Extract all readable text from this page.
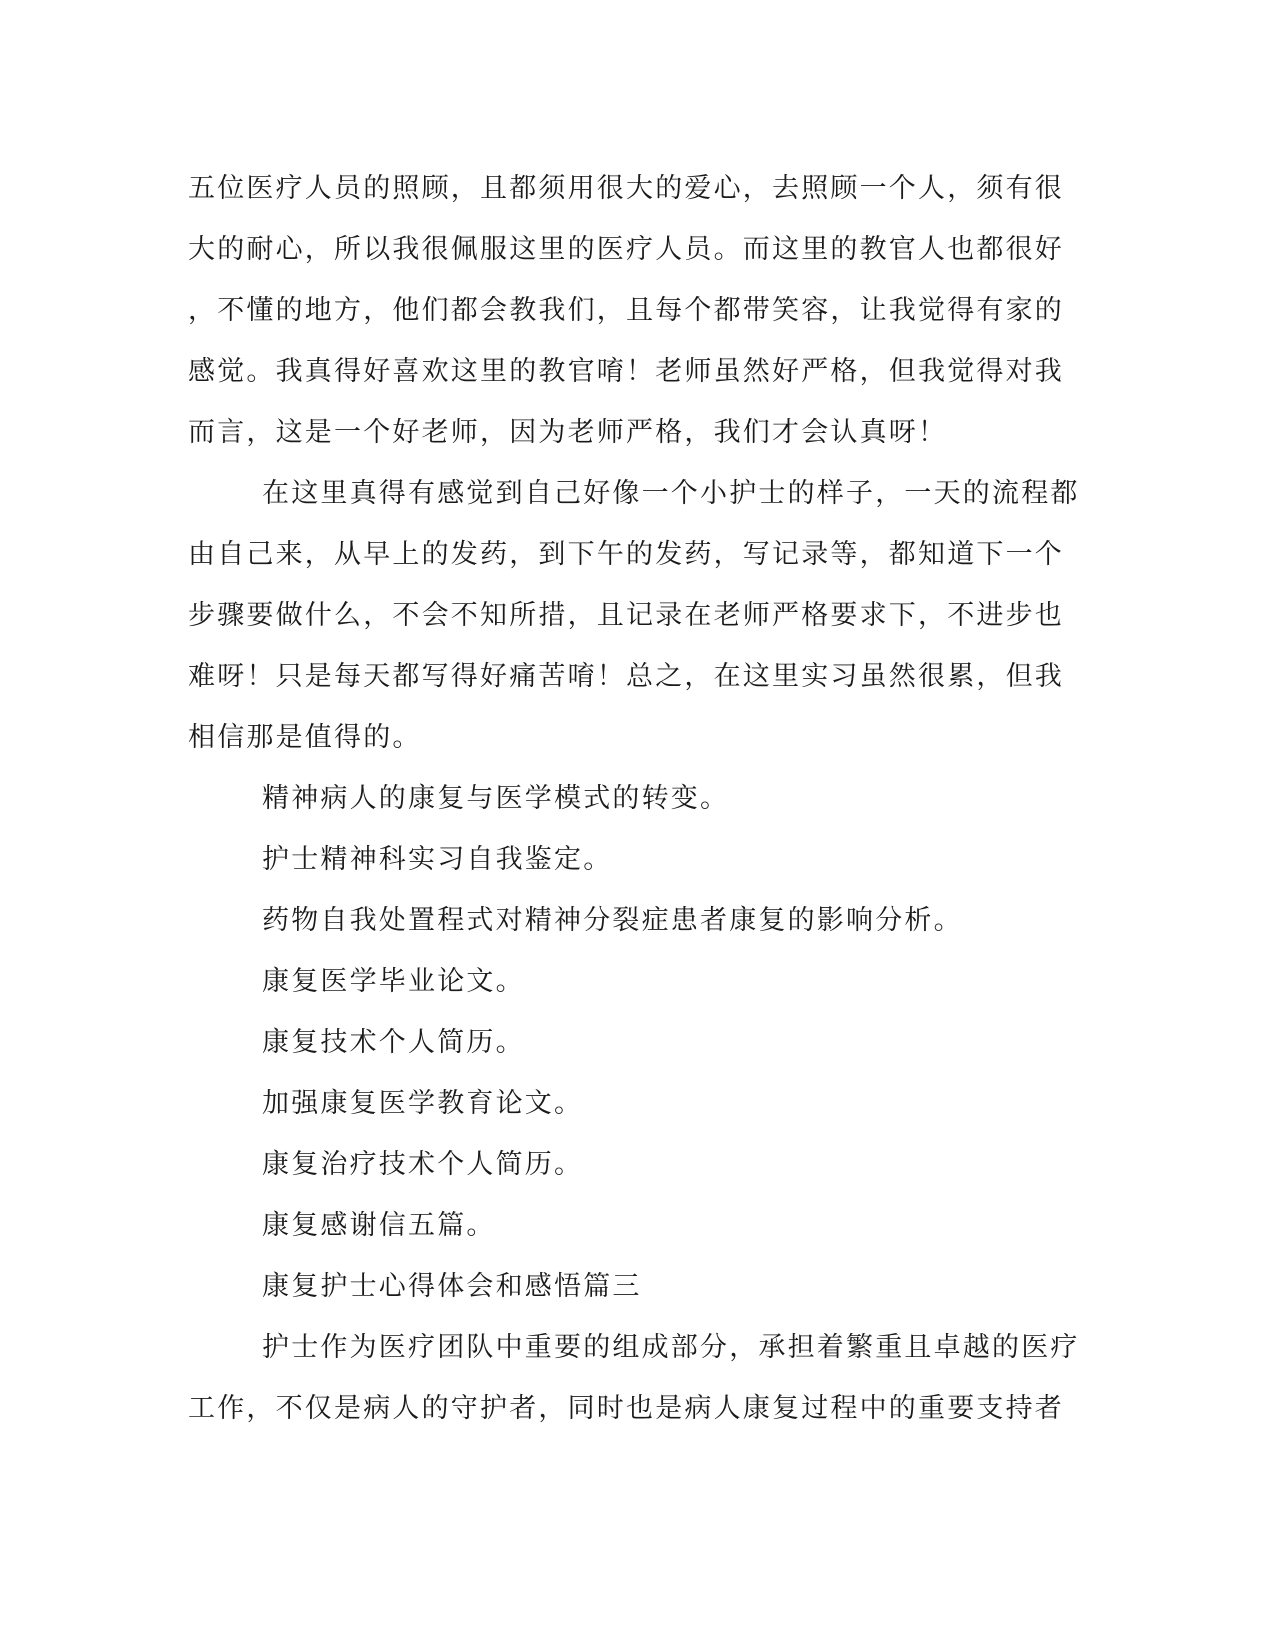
五位医疗人员的照顾，且都须用很大的爱心，去照顾一个人，须有很
大的耐心，所以我很佩服这里的医疗人员。而这里的教官人也都很好
，不懂的地方，他们都会教我们，且每个都带笑容，让我觉得有家的
感觉。我真得好喜欢这里的教官唷！老师虽然好严格，但我觉得对我
而言，这是一个好老师，因为老师严格，我们才会认真呀！
在这里真得有感觉到自己好像一个小护士的样子，一天的流程都
由自己来，从早上的发药，到下午的发药，写记录等，都知道下一个
步骤要做什么，不会不知所措，且记录在老师严格要求下，不进步也
难呀！只是每天都写得好痛苦唷！总之，在这里实习虽然很累，但我
相信那是值得的。
精神病人的康复与医学模式的转变。
护士精神科实习自我鉴定。
药物自我处置程式对精神分裂症患者康复的影响分析。
康复医学毕业论文。
康复技术个人简历。
加强康复医学教育论文。
康复治疗技术个人简历。
康复感谢信五篇。
康复护士心得体会和感悟篇三
护士作为医疗团队中重要的组成部分，承担着繁重且卓越的医疗
工作，不仅是病人的守护者，同时也是病人康复过程中的重要支持者
